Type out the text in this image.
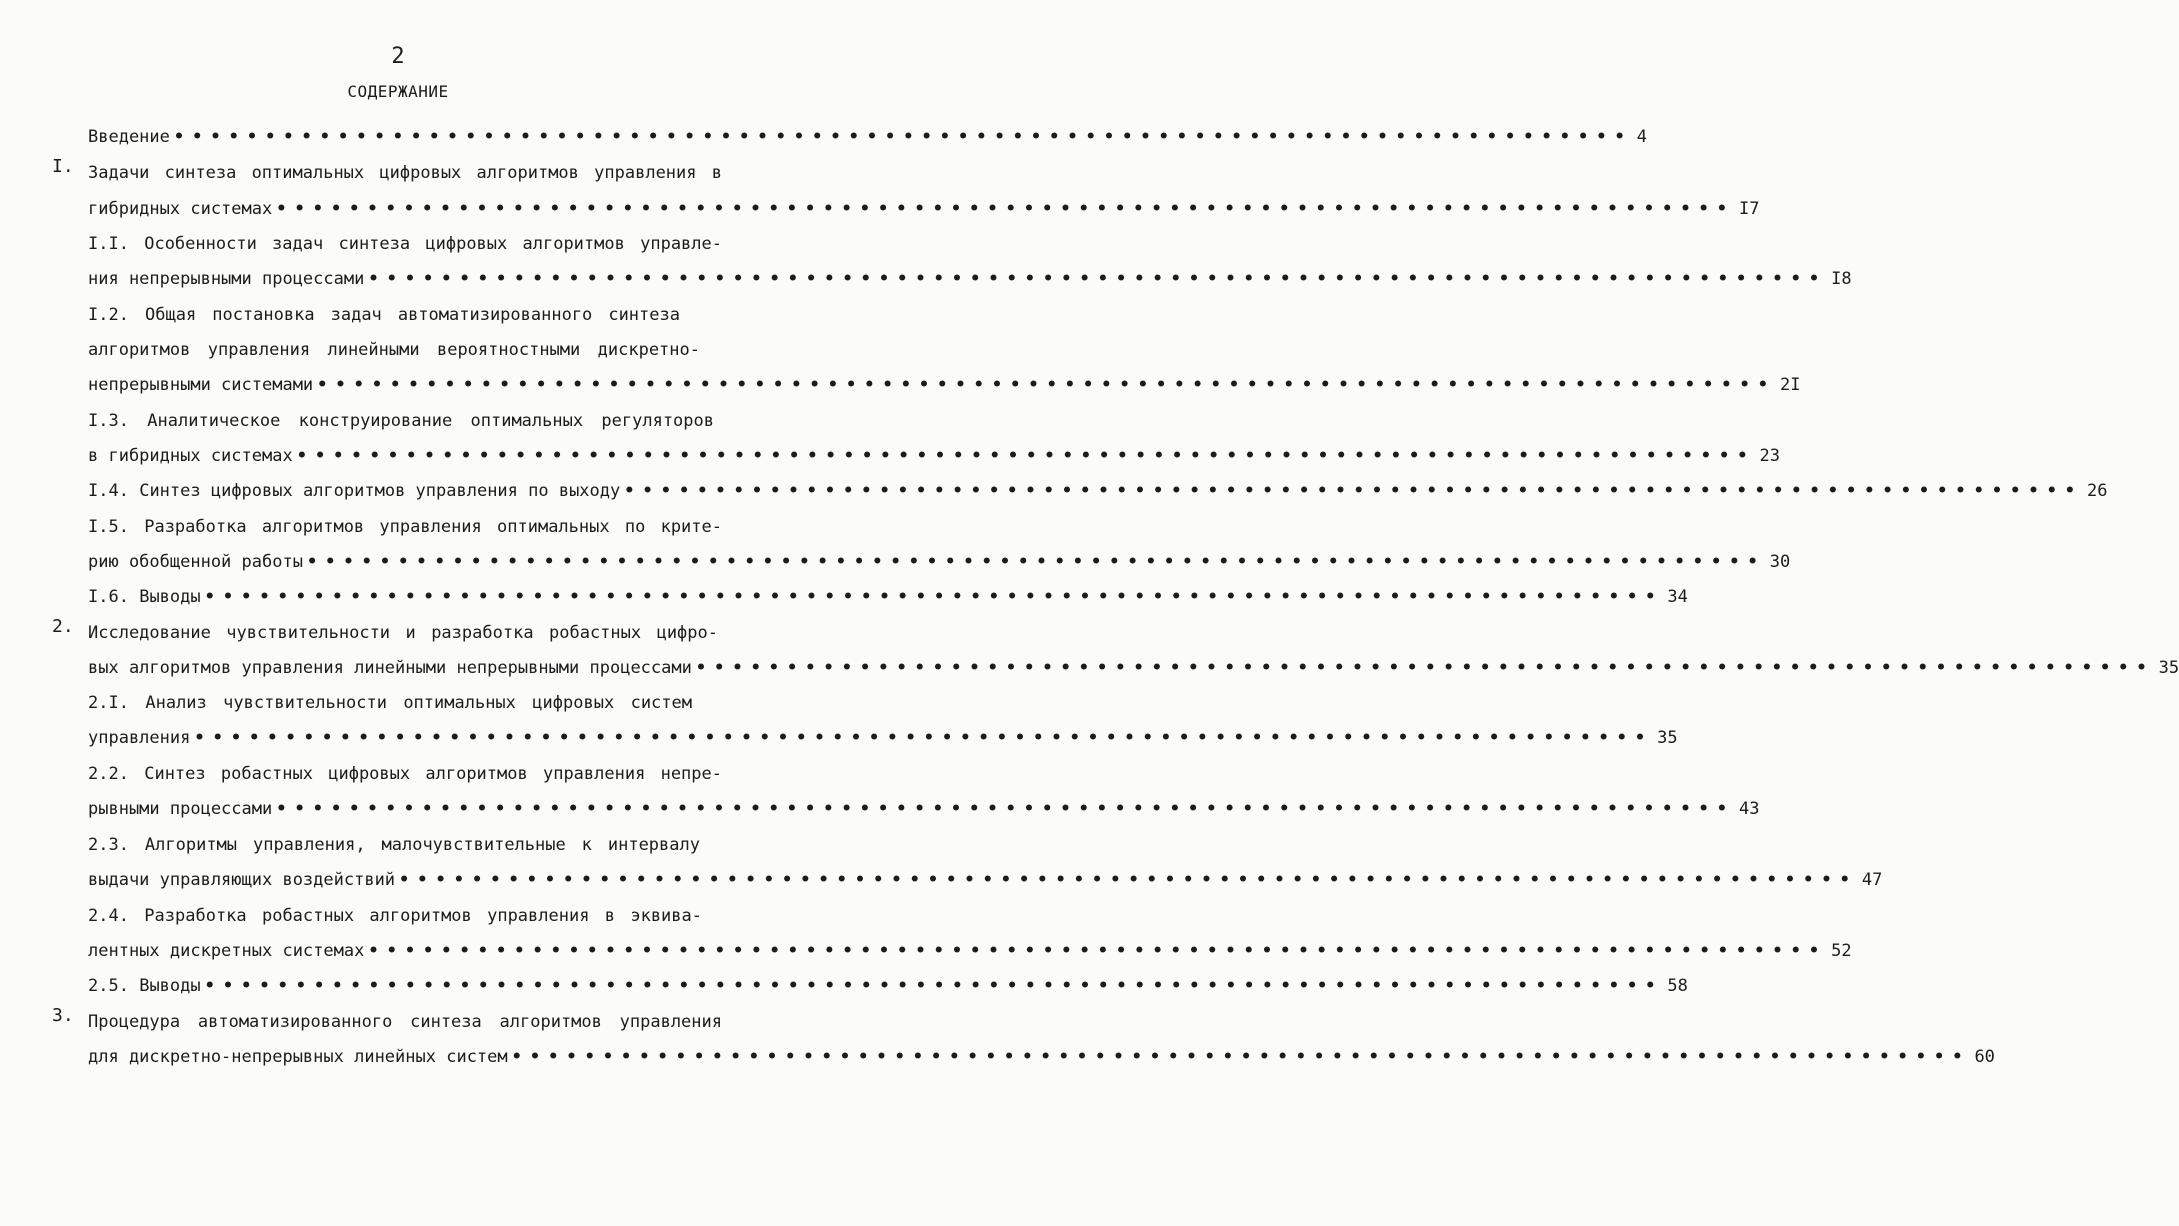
2
СОДЕРЖАНИЕ
Введение •••••••••••••••••••••••••••••••••••••••••••••••••••••••••••••••••••••••••••••••• 4
I. Задачи синтеза оптимальных цифровых алгоритмов управления в
гибридных системах •••••••••••••••••••••••••••••••••••••••••••••••••••••••••••••••••••••••••••••••• I7
I.I. Особенности задач синтеза цифровых алгоритмов управле-
ния непрерывными процессами •••••••••••••••••••••••••••••••••••••••••••••••••••••••••••••••••••••••••••••••• I8
I.2. Общая постановка задач автоматизированного синтеза
алгоритмов управления линейными вероятностными дискретно-
непрерывными системами •••••••••••••••••••••••••••••••••••••••••••••••••••••••••••••••••••••••••••••••• 2I
I.3. Аналитическое конструирование оптимальных регуляторов
в гибридных системах •••••••••••••••••••••••••••••••••••••••••••••••••••••••••••••••••••••••••••••••• 23
I.4. Синтез цифровых алгоритмов управления по выходу •••••••••••••••••••••••••••••••••••••••••••••••••••••••••••••••••••••••••••••••• 26
I.5. Разработка алгоритмов управления оптимальных по крите-
рию обобщенной работы •••••••••••••••••••••••••••••••••••••••••••••••••••••••••••••••••••••••••••••••• 30
I.6. Выводы •••••••••••••••••••••••••••••••••••••••••••••••••••••••••••••••••••••••••••••••• 34
2. Исследование чувствительности и разработка робастных цифро-
вых алгоритмов управления линейными непрерывными процессами •••••••••••••••••••••••••••••••••••••••••••••••••••••••••••••••••••••••••••••••• 35
2.I. Анализ чувствительности оптимальных цифровых систем
управления •••••••••••••••••••••••••••••••••••••••••••••••••••••••••••••••••••••••••••••••• 35
2.2. Синтез робастных цифровых алгоритмов управления непре-
рывными процессами •••••••••••••••••••••••••••••••••••••••••••••••••••••••••••••••••••••••••••••••• 43
2.3. Алгоритмы управления, малочувствительные к интервалу
выдачи управляющих воздействий •••••••••••••••••••••••••••••••••••••••••••••••••••••••••••••••••••••••••••••••• 47
2.4. Разработка робастных алгоритмов управления в эквива-
лентных дискретных системах •••••••••••••••••••••••••••••••••••••••••••••••••••••••••••••••••••••••••••••••• 52
2.5. Выводы •••••••••••••••••••••••••••••••••••••••••••••••••••••••••••••••••••••••••••••••• 58
3. Процедура автоматизированного синтеза алгоритмов управления
для дискретно-непрерывных линейных систем •••••••••••••••••••••••••••••••••••••••••••••••••••••••••••••••••••••••••••••••• 60
